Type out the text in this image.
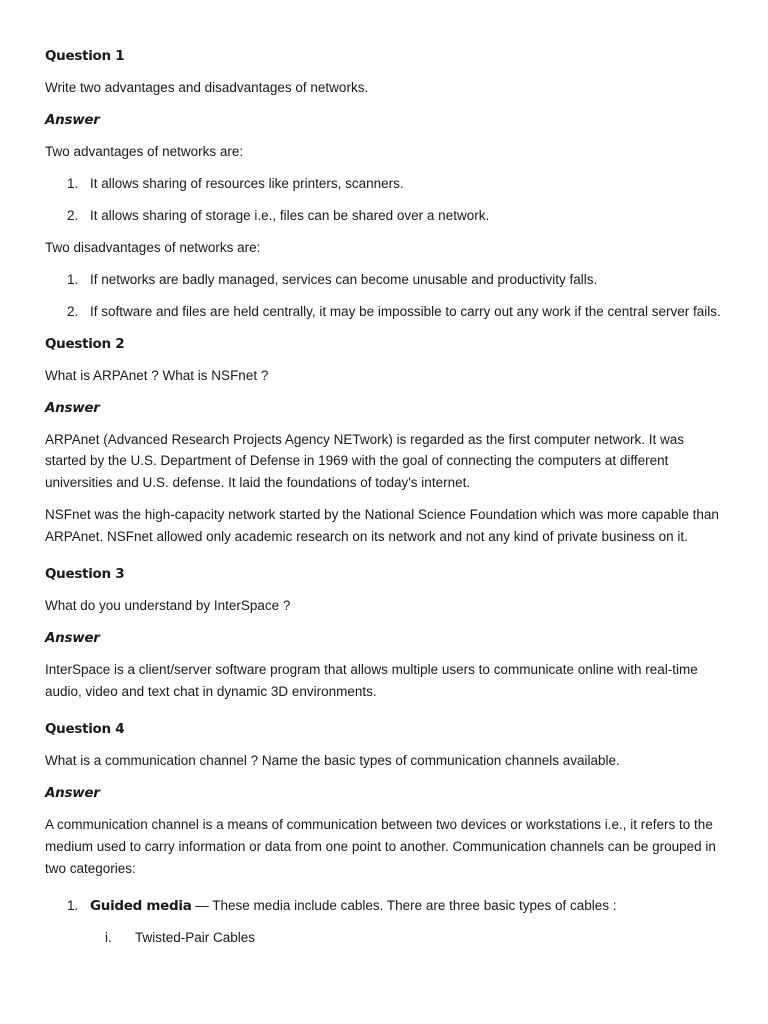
Question 1

Write two advantages and disadvantages of networks.

Answer

Two advantages of networks are:

1. It allows sharing of resources like printers, scanners.
2. It allows sharing of storage i.e., files can be shared over a network.

Two disadvantages of networks are:

1. If networks are badly managed, services can become unusable and productivity falls.
2. If software and files are held centrally, it may be impossible to carry out any work if the central server fails.
Question 2

What is ARPAnet ? What is NSFnet ?

Answer

ARPAnet (Advanced Research Projects Agency NETwork) is regarded as the first computer network. It was started by the U.S. Department of Defense in 1969 with the goal of connecting the computers at different universities and U.S. defense. It laid the foundations of today's internet.

NSFnet was the high-capacity network started by the National Science Foundation which was more capable than ARPAnet. NSFnet allowed only academic research on its network and not any kind of private business on it.

Question 3

What do you understand by InterSpace ?

Answer

InterSpace is a client/server software program that allows multiple users to communicate online with real-time audio, video and text chat in dynamic 3D environments.

Question 4

What is a communication channel ? Name the basic types of communication channels available.

Answer

A communication channel is a means of communication between two devices or workstations i.e., it refers to the medium used to carry information or data from one point to another. Communication channels can be grouped in two categories:

1. Guided media — These media include cables. There are three basic types of cables :
i. Twisted-Pair Cables
